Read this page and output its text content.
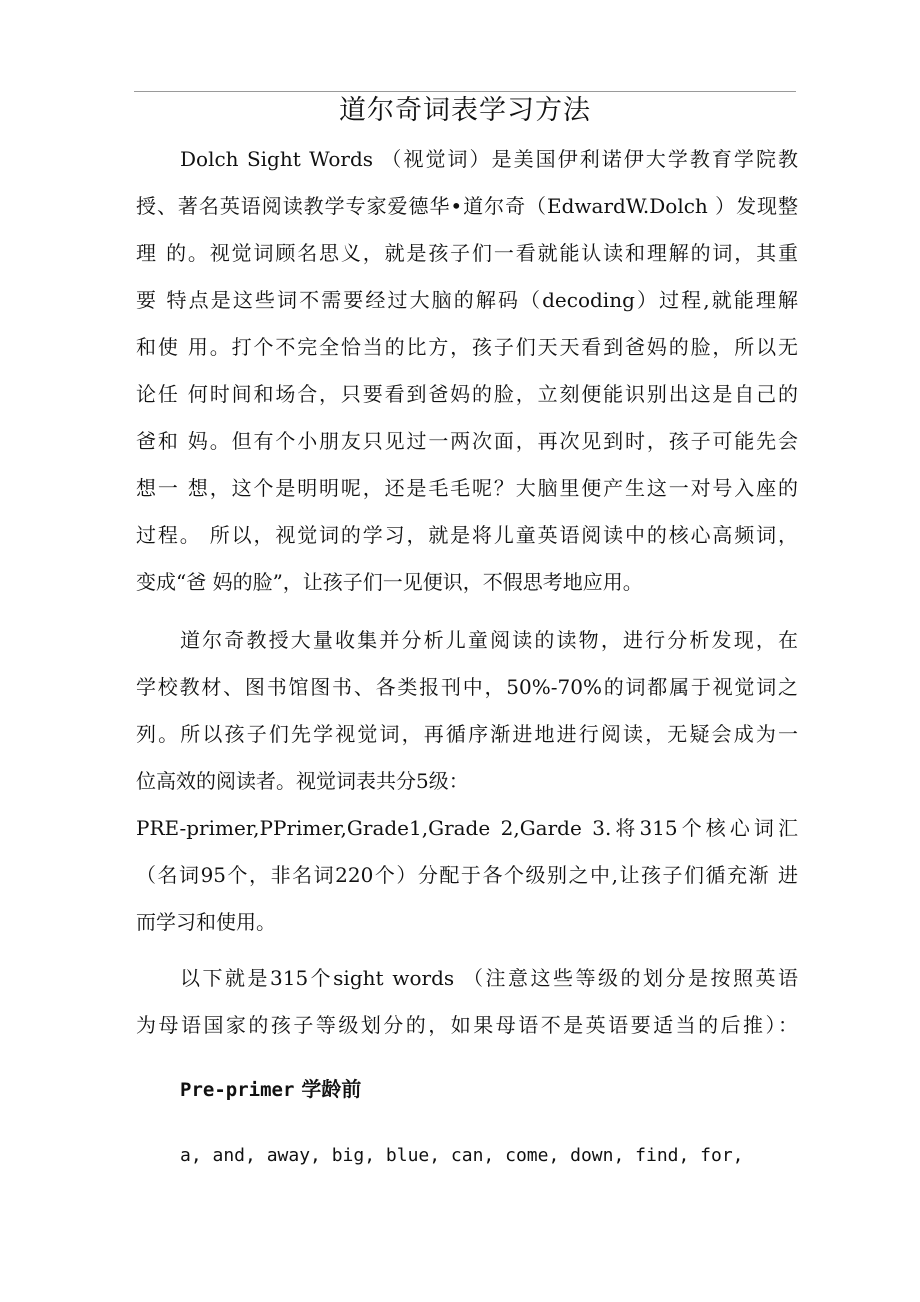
道尔奇词表学习方法
Dolch Sight Words （视觉词）是美国伊利诺伊大学教育学院教
授、著名英语阅读教学专家爱德华•道尔奇（EdwardW.Dolch ）发现整
理 的。视觉词顾名思义，就是孩子们一看就能认读和理解的词，其重
要 特点是这些词不需要经过大脑的解码（decoding）过程,就能理解
和使 用。打个不完全恰当的比方，孩子们天天看到爸妈的脸，所以无
论任 何时间和场合，只要看到爸妈的脸，立刻便能识别出这是自己的
爸和 妈。但有个小朋友只见过一两次面，再次见到时，孩子可能先会
想一 想，这个是明明呢，还是毛毛呢？大脑里便产生这一对号入座的
过程。 所以，视觉词的学习，就是将儿童英语阅读中的核心高频词，
变成“爸 妈的脸”，让孩子们一见便识，不假思考地应用。
道尔奇教授大量收集并分析儿童阅读的读物，进行分析发现，在
学校教材、图书馆图书、各类报刊中，50%-70%的词都属于视觉词之
列。所以孩子们先学视觉词，再循序渐进地进行阅读，无疑会成为一
位高效的阅读者。视觉词表共分5级：
PRE-primer,PPrimer,Grade1,Grade 2,Garde 3.将315个核心词汇
（名词95个，非名词220个）分配于各个级别之中,让孩子们循充渐 进
而学习和使用。
以下就是315个sight words （注意这些等级的划分是按照英语
为母语国家的孩子等级划分的，如果母语不是英语要适当的后推）：
Pre-primer 学龄前
a, and, away, big, blue, can, come, down, find, for,
